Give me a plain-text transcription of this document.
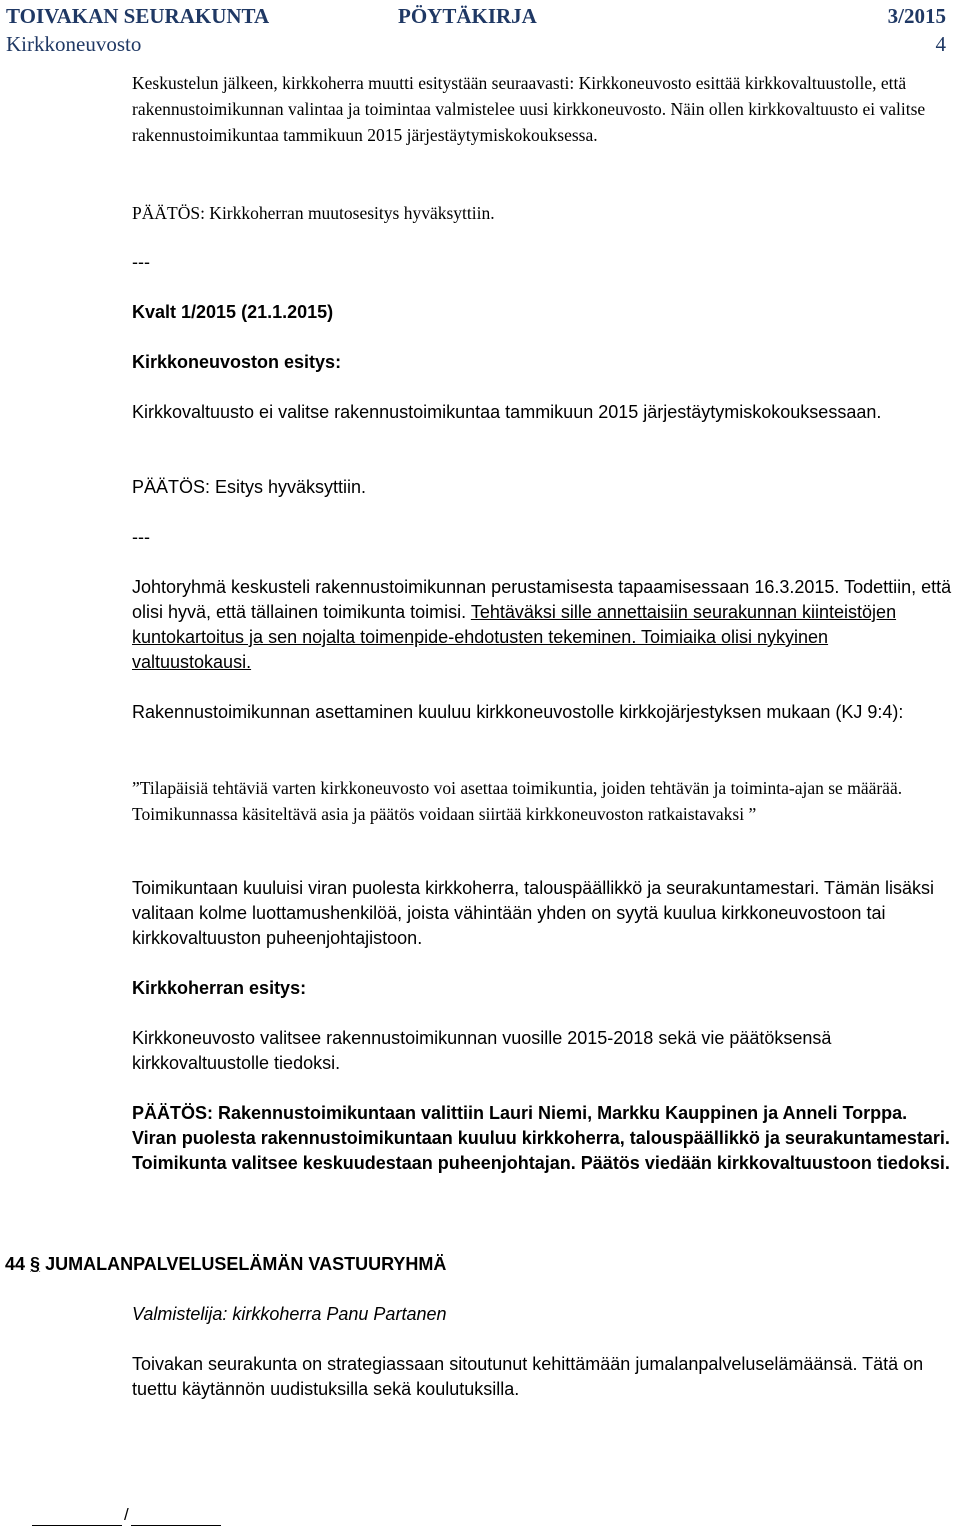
TOIVAKAN SEURAKUNTA	PÖYTÄKIRJA	3/2015
Kirkkoneuvosto	4

Keskustelun jälkeen, kirkkoherra muutti esitystään seuraavasti: Kirkkoneuvosto esittää kirkkovaltuustolle, että rakennustoimikunnan valintaa ja toimintaa valmistelee uusi kirkkoneuvosto. Näin ollen kirkkovaltuusto ei valitse rakennustoimikuntaa tammikuun 2015 järjestäytymiskokouksessa.

PÄÄTÖS: Kirkkoherran muutosesitys hyväksyttiin.

---

Kvalt 1/2015 (21.1.2015)

Kirkkoneuvoston esitys:

Kirkkovaltuusto ei valitse rakennustoimikuntaa tammikuun 2015 järjestäytymiskokouksessaan.

PÄÄTÖS: Esitys hyväksyttiin.

---

Johtoryhmä keskusteli rakennustoimikunnan perustamisesta tapaamisessaan 16.3.2015. Todettiin, että olisi hyvä, että tällainen toimikunta toimisi. Tehtäväksi sille annettaisiin seurakunnan kiinteistöjen kuntokartoitus ja sen nojalta toimenpide-ehdotusten tekeminen. Toimiaika olisi nykyinen valtuustokausi.

Rakennustoimikunnan asettaminen kuuluu kirkkoneuvostolle kirkkojärjestyksen mukaan (KJ 9:4):

”Tilapäisiä tehtäviä varten kirkkoneuvosto voi asettaa toimikuntia, joiden tehtävän ja toiminta-ajan se määrää. Toimikunnassa käsiteltävä asia ja päätös voidaan siirtää kirkkoneuvoston ratkaistavaksi ”

Toimikuntaan kuuluisi viran puolesta kirkkoherra, talouspäällikkö ja seurakuntamestari. Tämän lisäksi valitaan kolme luottamushenkilöä, joista vähintään yhden on syytä kuulua kirkkoneuvostoon tai kirkkovaltuuston puheenjohtajistoon.

Kirkkoherran esitys:

Kirkkoneuvosto valitsee rakennustoimikunnan vuosille 2015-2018 sekä vie päätöksensä kirkkovaltuustolle tiedoksi.

PÄÄTÖS: Rakennustoimikuntaan valittiin Lauri Niemi, Markku Kauppinen ja Anneli Torppa. Viran puolesta rakennustoimikuntaan kuuluu kirkkoherra, talouspäällikkö ja seurakuntamestari. Toimikunta valitsee keskuudestaan puheenjohtajan. Päätös viedään kirkkovaltuustoon tiedoksi.

44 § JUMALANPALVELUSELÄMÄN VASTUURYHMÄ

Valmistelija: kirkkoherra Panu Partanen

Toivakan seurakunta on strategiassaan sitoutunut kehittämään jumalanpalveluselämäänsä. Tätä on tuettu käytännön uudistuksilla sekä koulutuksilla.

/
